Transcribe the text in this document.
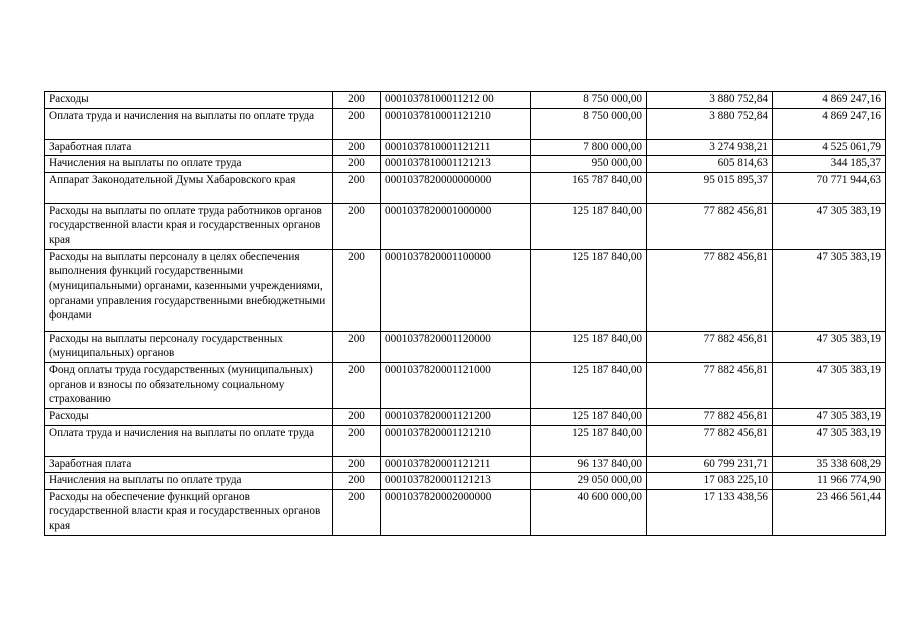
Расходы	200	00010378100011212 00	8 750 000,00	3 880 752,84	4 869 247,16
Оплата труда и начисления на выплаты по оплате труда	200	0001037810001121210	8 750 000,00	3 880 752,84	4 869 247,16
Заработная плата	200	0001037810001121211	7 800 000,00	3 274 938,21	4 525 061,79
Начисления на выплаты по оплате труда	200	0001037810001121213	950 000,00	605 814,63	344 185,37
Аппарат Законодательной Думы Хабаровского края	200	0001037820000000000	165 787 840,00	95 015 895,37	70 771 944,63
Расходы на выплаты по оплате труда работников органов государственной власти края и государственных органов края	200	0001037820001000000	125 187 840,00	77 882 456,81	47 305 383,19
Расходы на выплаты персоналу в целях обеспечения выполнения функций государственными (муниципальными) органами, казенными учреждениями, органами управления государственными внебюджетными фондами	200	0001037820001100000	125 187 840,00	77 882 456,81	47 305 383,19
Расходы на выплаты персоналу государственных (муниципальных) органов	200	0001037820001120000	125 187 840,00	77 882 456,81	47 305 383,19
Фонд оплаты труда государственных (муниципальных) органов и взносы по обязательному социальному страхованию	200	0001037820001121000	125 187 840,00	77 882 456,81	47 305 383,19
Расходы	200	0001037820001121200	125 187 840,00	77 882 456,81	47 305 383,19
Оплата труда и начисления на выплаты по оплате труда	200	0001037820001121210	125 187 840,00	77 882 456,81	47 305 383,19
Заработная плата	200	0001037820001121211	96 137 840,00	60 799 231,71	35 338 608,29
Начисления на выплаты по оплате труда	200	0001037820001121213	29 050 000,00	17 083 225,10	11 966 774,90
Расходы на обеспечение функций органов государственной власти края и государственных органов края	200	0001037820002000000	40 600 000,00	17 133 438,56	23 466 561,44
